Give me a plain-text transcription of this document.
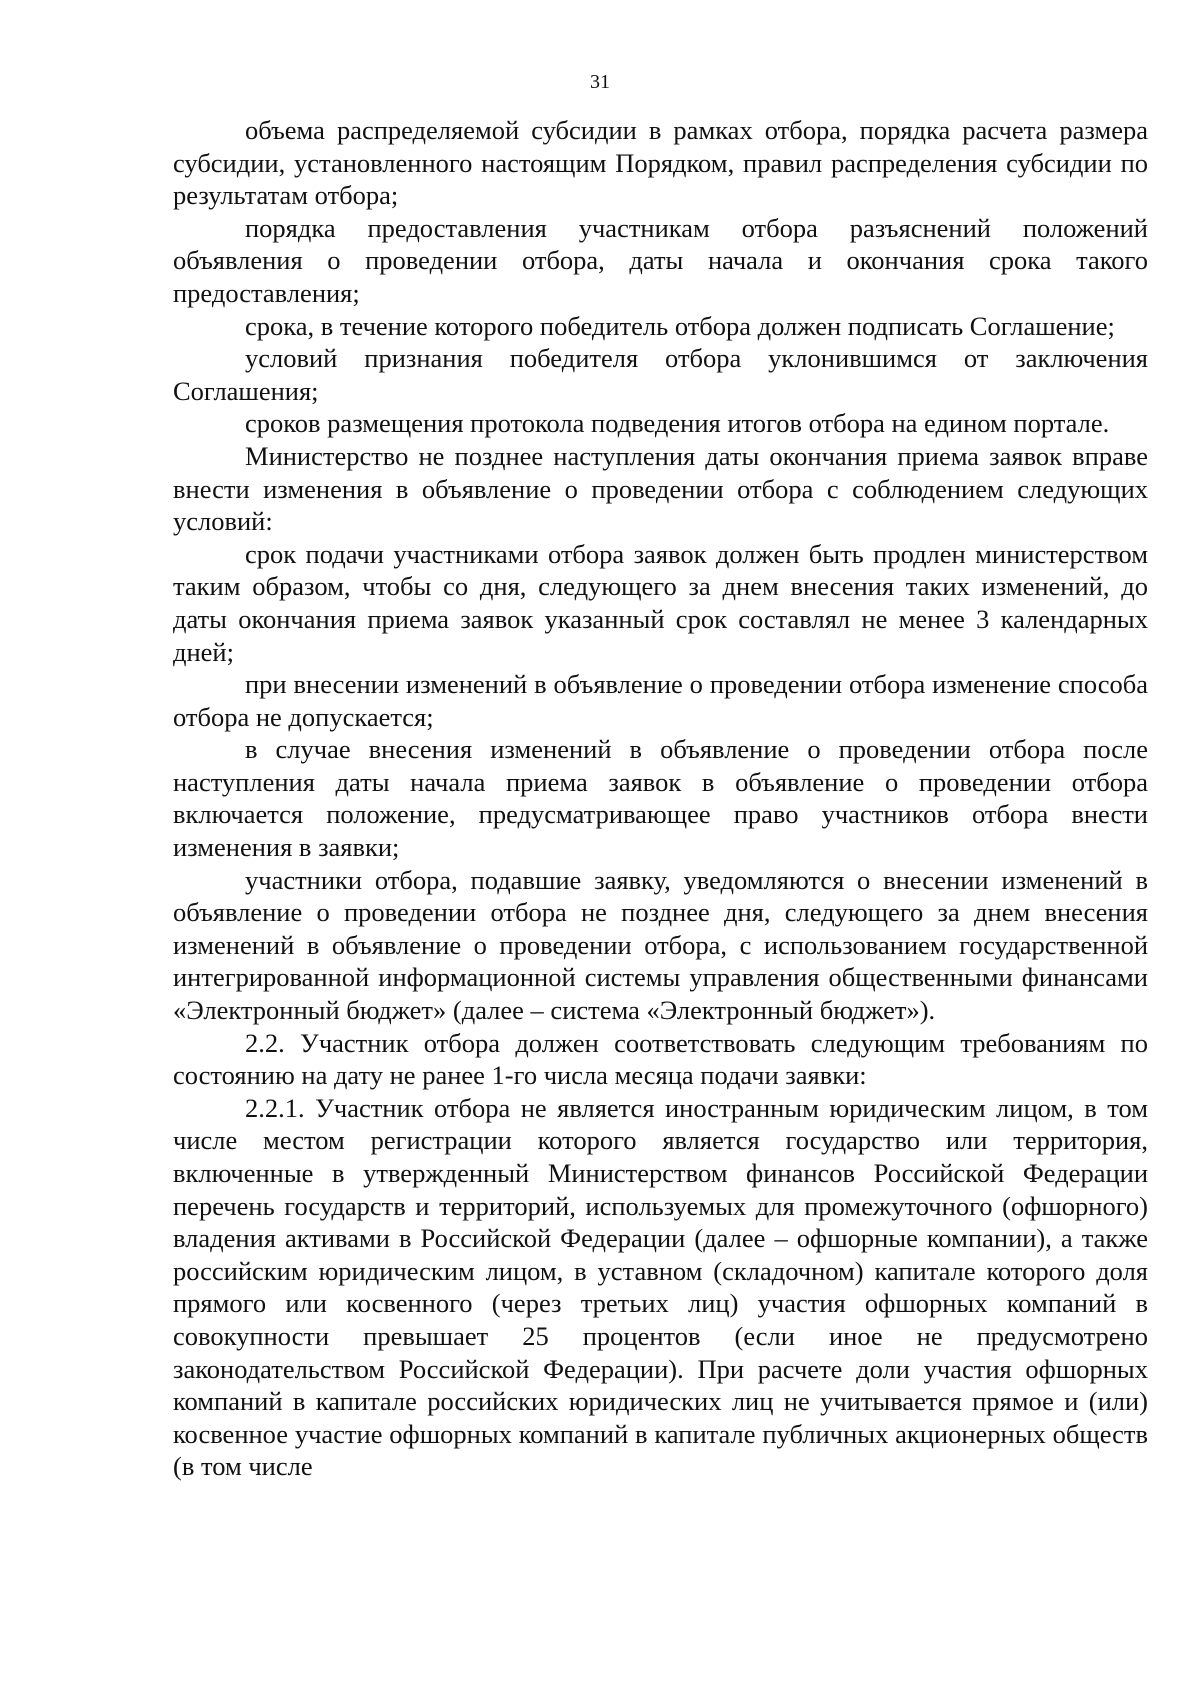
31

объема распределяемой субсидии в рамках отбора, порядка расчета размера субсидии, установленного настоящим Порядком, правил распределения субсидии по результатам отбора;

порядка предоставления участникам отбора разъяснений положений объявления о проведении отбора, даты начала и окончания срока такого предоставления;

срока, в течение которого победитель отбора должен подписать Соглашение;

условий признания победителя отбора уклонившимся от заключения Соглашения;

сроков размещения протокола подведения итогов отбора на едином портале.

Министерство не позднее наступления даты окончания приема заявок вправе внести изменения в объявление о проведении отбора с соблюдением следующих условий:

срок подачи участниками отбора заявок должен быть продлен министерством таким образом, чтобы со дня, следующего за днем внесения таких изменений, до даты окончания приема заявок указанный срок составлял не менее 3 календарных дней;

при внесении изменений в объявление о проведении отбора изменение способа отбора не допускается;

в случае внесения изменений в объявление о проведении отбора после наступления даты начала приема заявок в объявление о проведении отбора включается положение, предусматривающее право участников отбора внести изменения в заявки;

участники отбора, подавшие заявку, уведомляются о внесении изменений в объявление о проведении отбора не позднее дня, следующего за днем внесения изменений в объявление о проведении отбора, с использованием государственной интегрированной информационной системы управления общественными финансами «Электронный бюджет» (далее – система «Электронный бюджет»).

2.2. Участник отбора должен соответствовать следующим требованиям по состоянию на дату не ранее 1-го числа месяца подачи заявки:

2.2.1. Участник отбора не является иностранным юридическим лицом, в том числе местом регистрации которого является государство или территория, включенные в утвержденный Министерством финансов Российской Федерации перечень государств и территорий, используемых для промежуточного (офшорного) владения активами в Российской Федерации (далее – офшорные компании), а также российским юридическим лицом, в уставном (складочном) капитале которого доля прямого или косвенного (через третьих лиц) участия офшорных компаний в совокупности превышает 25 процентов (если иное не предусмотрено законодательством Российской Федерации). При расчете доли участия офшорных компаний в капитале российских юридических лиц не учитывается прямое и (или) косвенное участие офшорных компаний в капитале публичных акционерных обществ (в том числе
